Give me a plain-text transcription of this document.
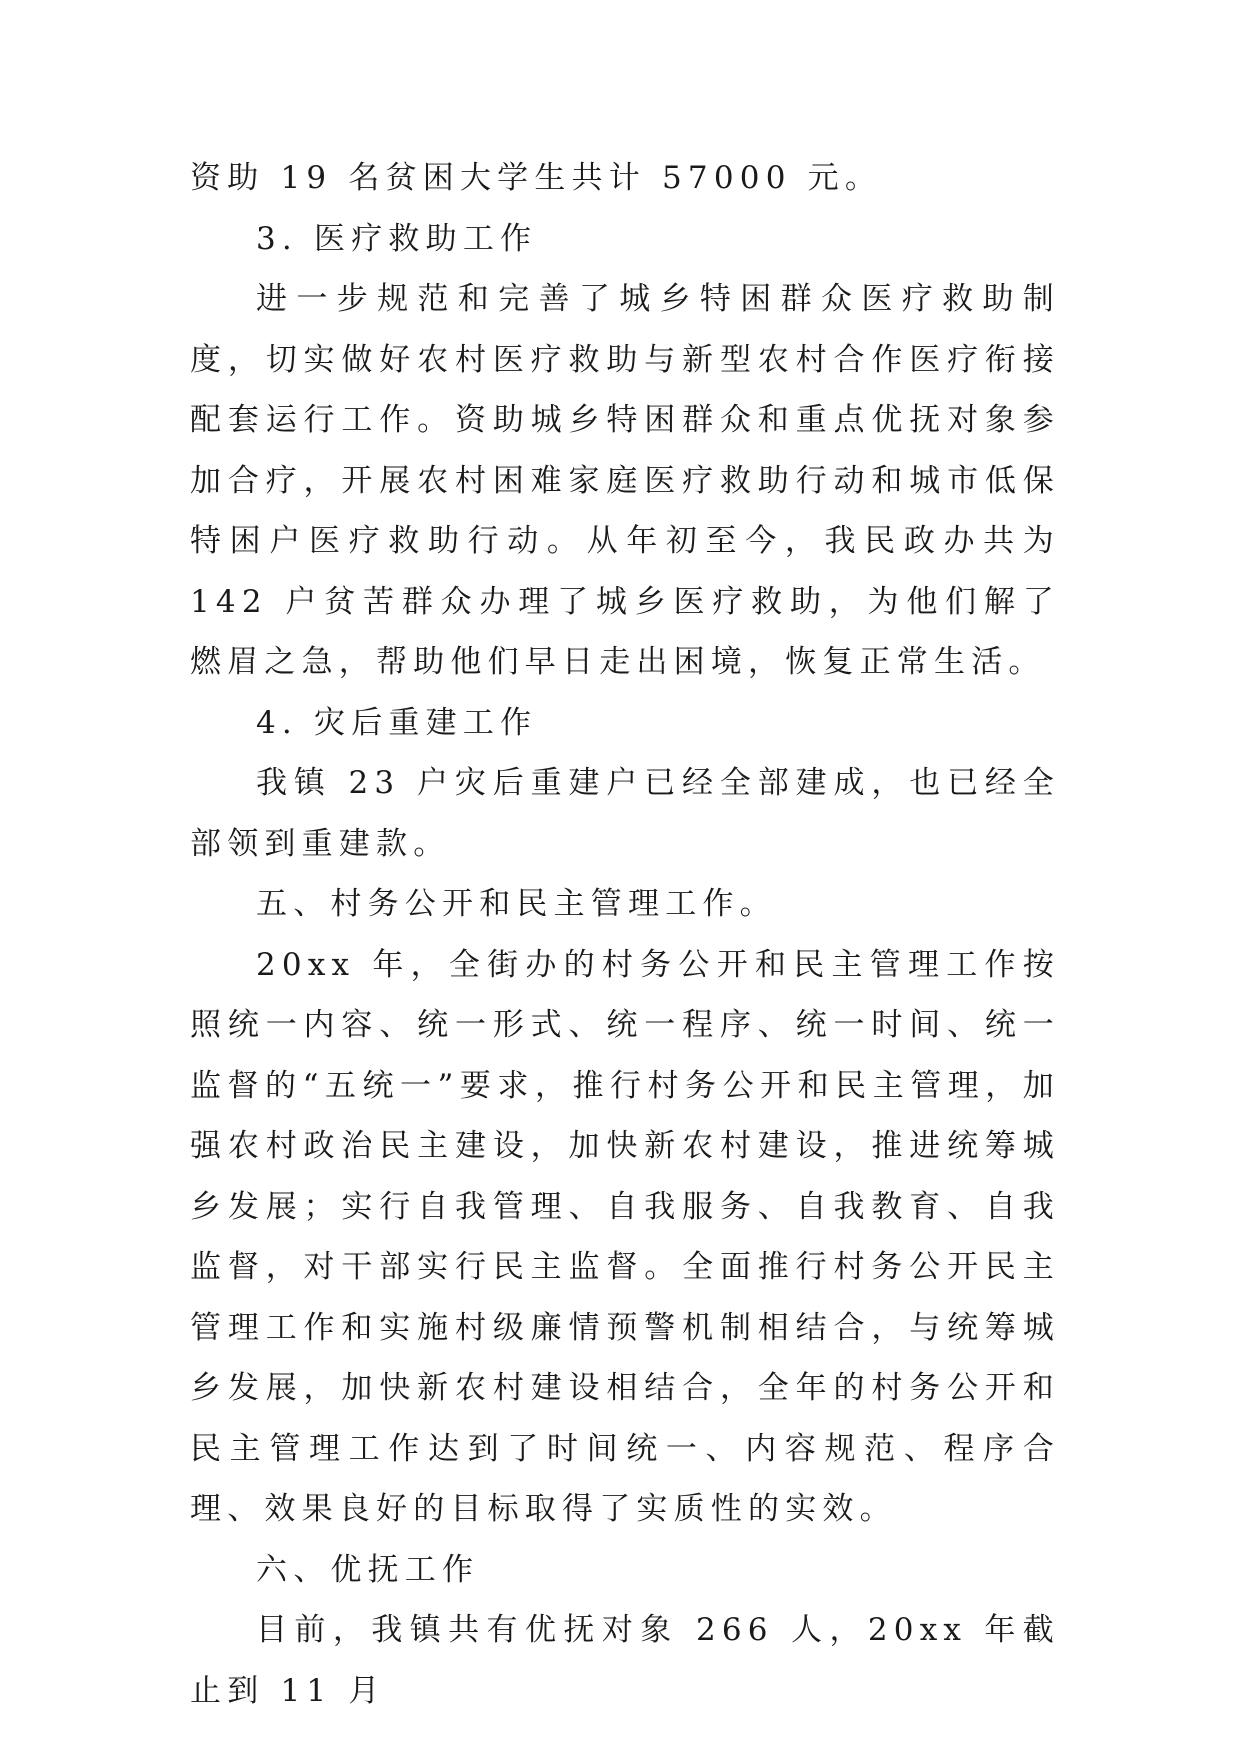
资助 19 名贫困大学生共计 57000 元。

3. 医疗救助工作

进一步规范和完善了城乡特困群众医疗救助制度，切实做好农村医疗救助与新型农村合作医疗衔接配套运行工作。资助城乡特困群众和重点优抚对象参加合疗，开展农村困难家庭医疗救助行动和城市低保特困户医疗救助行动。从年初至今，我民政办共为 142 户贫苦群众办理了城乡医疗救助，为他们解了燃眉之急，帮助他们早日走出困境，恢复正常生活。

4. 灾后重建工作

我镇 23 户灾后重建户已经全部建成，也已经全部领到重建款。

五、村务公开和民主管理工作。

20xx 年，全街办的村务公开和民主管理工作按照统一内容、统一形式、统一程序、统一时间、统一监督的“五统一”要求，推行村务公开和民主管理，加强农村政治民主建设，加快新农村建设，推进统筹城乡发展；实行自我管理、自我服务、自我教育、自我监督，对干部实行民主监督。全面推行村务公开民主管理工作和实施村级廉情预警机制相结合，与统筹城乡发展，加快新农村建设相结合，全年的村务公开和民主管理工作达到了时间统一、内容规范、程序合理、效果良好的目标取得了实质性的实效。

六、优抚工作

目前，我镇共有优抚对象 266 人，20xx 年截止到 11 月
